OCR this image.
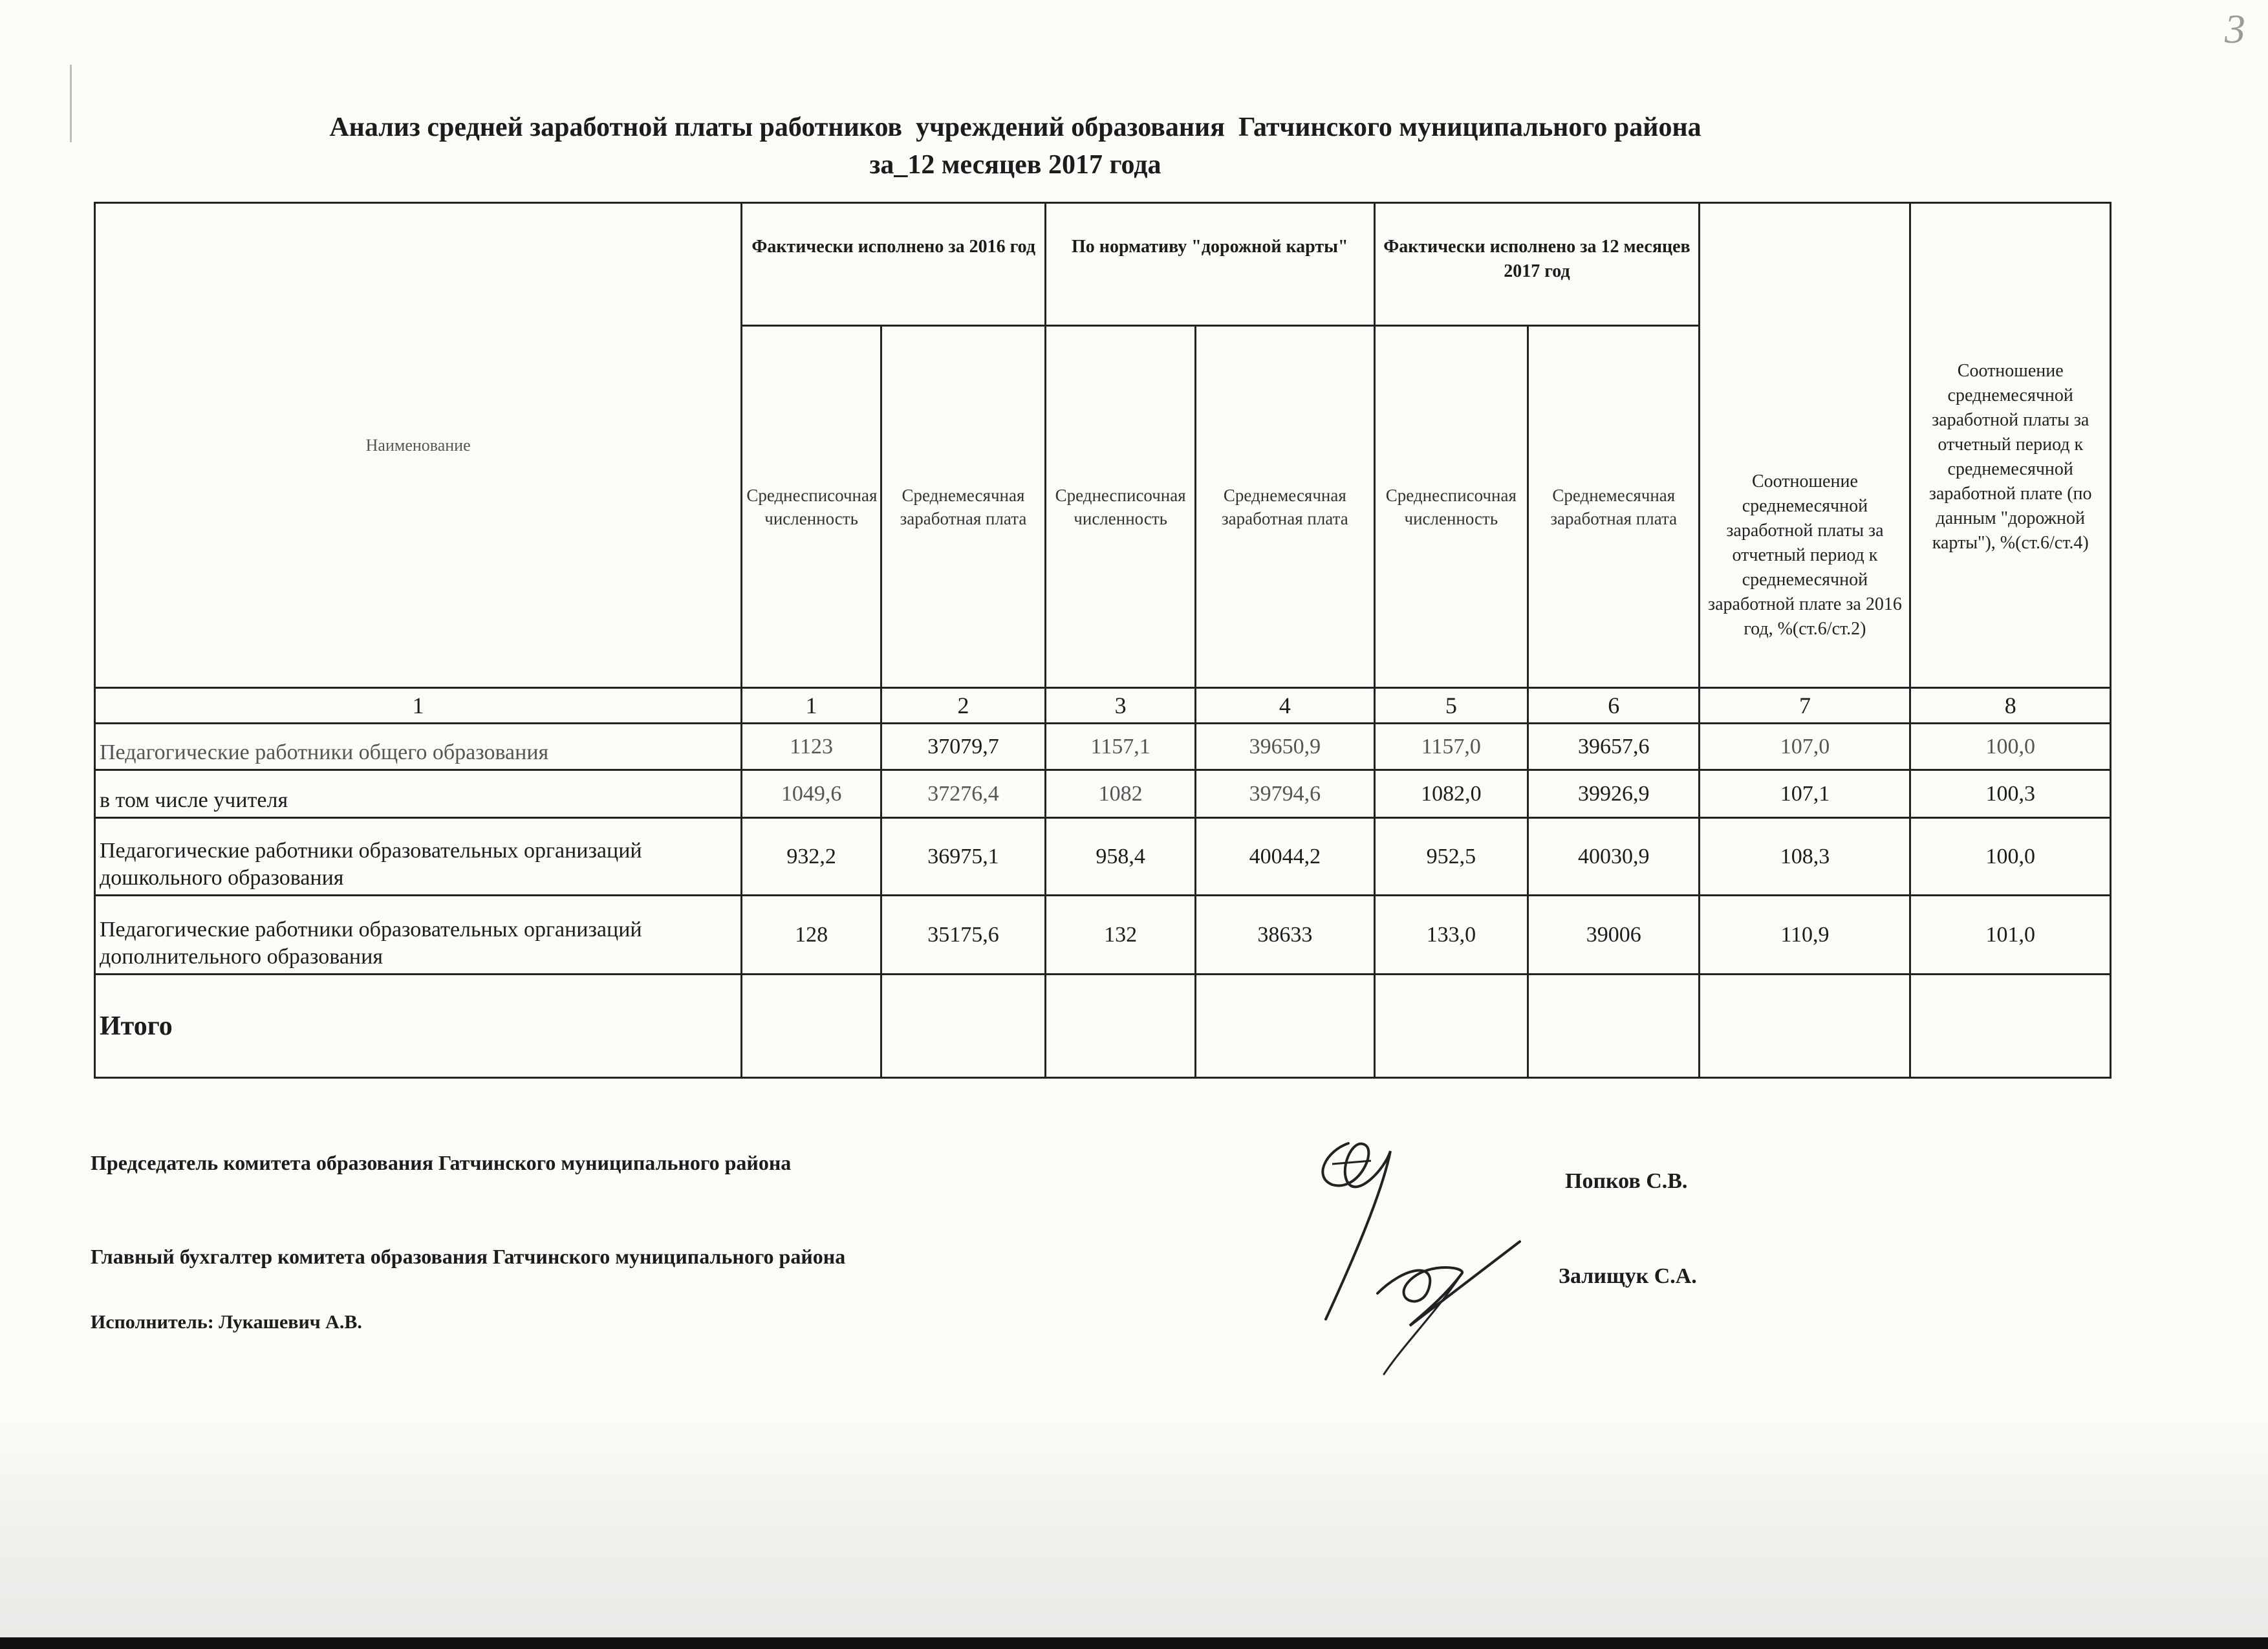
3
Анализ средней заработной платы работников  учреждений образования  Гатчинского муниципального района
за_12 месяцев 2017 года
Наименование	Фактически исполнено за 2016 год		По нормативу "дорожной карты"		Фактически исполнено за 12 месяцев 2017 год		Соотношение среднемесячной заработной платы за отчетный период к среднемесячной заработной плате за 2016 год, %(ст.6/ст.2)	Соотношение среднемесячной заработной платы за отчетный период к среднемесячной заработной плате (по данным "дорожной карты"), %(ст.6/ст.4)
	Среднесписочная численность	Среднемесячная заработная плата	Среднесписочная численность	Среднемесячная заработная плата	Среднесписочная численность	Среднемесячная заработная плата		
1	1	2	3	4	5	6	7	8
Педагогические работники общего образования	1123	37079,7	1157,1	39650,9	1157,0	39657,6	107,0	100,0
в том числе учителя	1049,6	37276,4	1082	39794,6	1082,0	39926,9	107,1	100,3
Педагогические работники образовательных организаций дошкольного образования	932,2	36975,1	958,4	40044,2	952,5	40030,9	108,3	100,0
Педагогические работники образовательных организаций дополнительного образования	128	35175,6	132	38633	133,0	39006	110,9	101,0
Итого								
Председатель комитета образования Гатчинского муниципального района
Попков С.В.
Главный бухгалтер комитета образования Гатчинского муниципального района
Залищук С.А.
Исполнитель: Лукашевич А.В.
